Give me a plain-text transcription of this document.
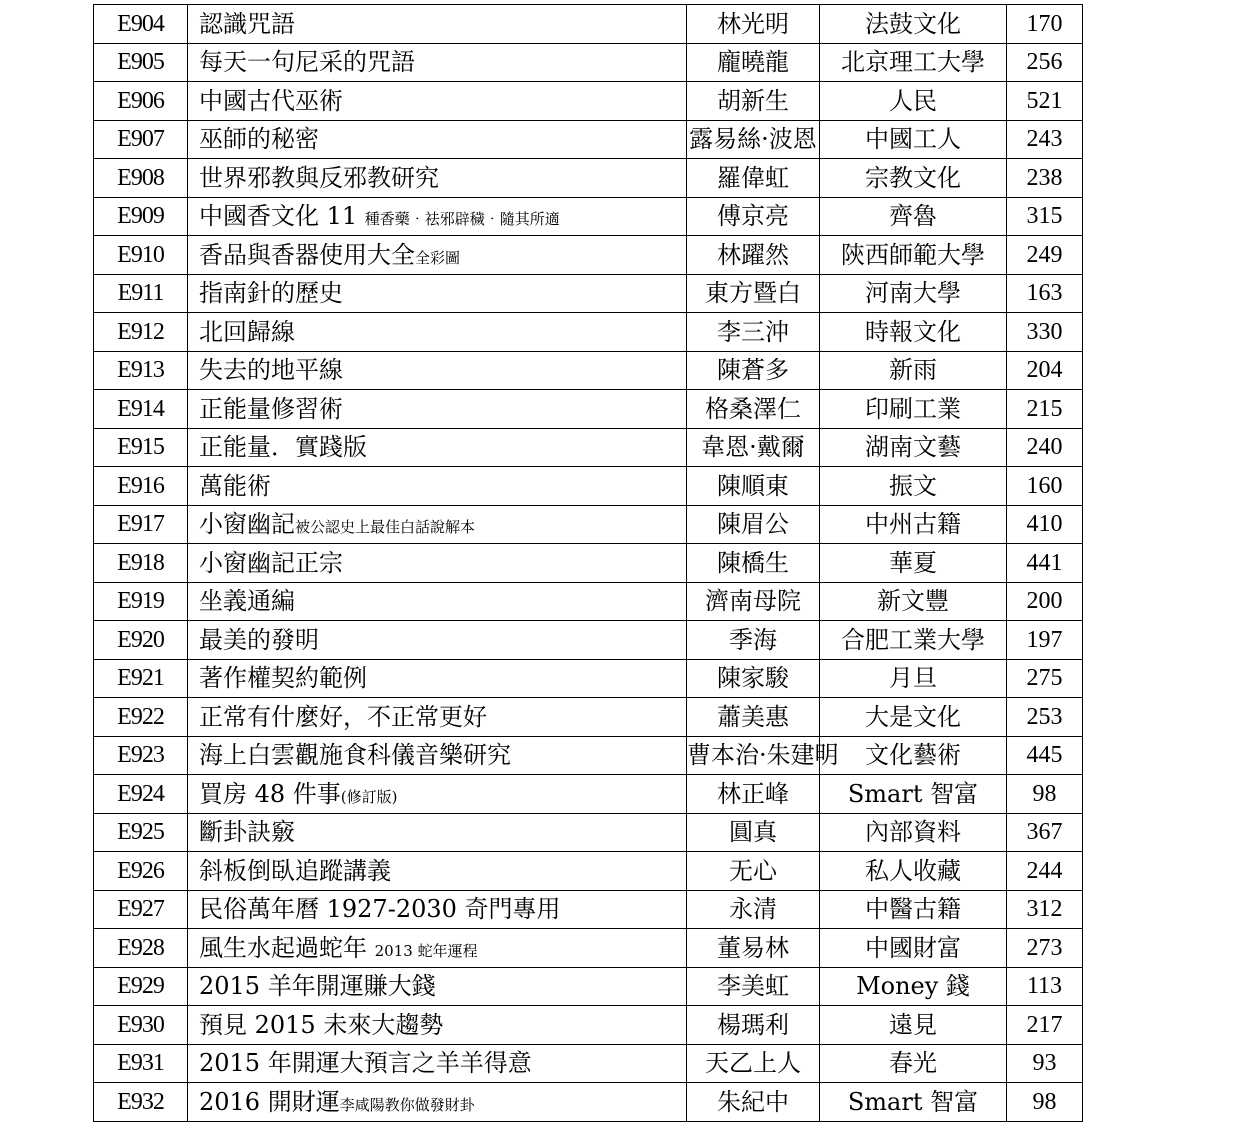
E904	認識咒語	林光明	法鼓文化	170
E905	每天一句尼采的咒語	龐曉龍	北京理工大學	256
E906	中國古代巫術	胡新生	人民	521
E907	巫師的秘密	露易絲·波恩	中國工人	243
E908	世界邪教與反邪教研究	羅偉虹	宗教文化	238
E909	中國香文化 11 種香藥‧祛邪辟穢‧隨其所適	傅京亮	齊魯	315
E910	香品與香器使用大全全彩圖	林躍然	陝西師範大學	249
E911	指南針的歷史	東方暨白	河南大學	163
E912	北回歸線	李三沖	時報文化	330
E913	失去的地平線	陳蒼多	新雨	204
E914	正能量修習術	格桑澤仁	印刷工業	215
E915	正能量．實踐版	韋恩·戴爾	湖南文藝	240
E916	萬能術	陳順東	振文	160
E917	小窗幽記被公認史上最佳白話說解本	陳眉公	中州古籍	410
E918	小窗幽記正宗	陳橋生	華夏	441
E919	坐義通編	濟南母院	新文豐	200
E920	最美的發明	季海	合肥工業大學	197
E921	著作權契約範例	陳家駿	月旦	275
E922	正常有什麼好，不正常更好	蕭美惠	大是文化	253
E923	海上白雲觀施食科儀音樂研究	曹本治·朱建明	文化藝術	445
E924	買房 48 件事(修訂版)	林正峰	Smart 智富	98
E925	斷卦訣竅	圓真	內部資料	367
E926	斜板倒臥追蹤講義	无心	私人收藏	244
E927	民俗萬年曆 1927-2030 奇門專用	永清	中醫古籍	312
E928	風生水起過蛇年 2013 蛇年運程	董易林	中國財富	273
E929	2015 羊年開運賺大錢	李美虹	Money 錢	113
E930	預見 2015 未來大趨勢	楊瑪利	遠見	217
E931	2015 年開運大預言之羊羊得意	天乙上人	春光	93
E932	2016 開財運李咸陽教你做發財卦	朱紀中	Smart 智富	98
